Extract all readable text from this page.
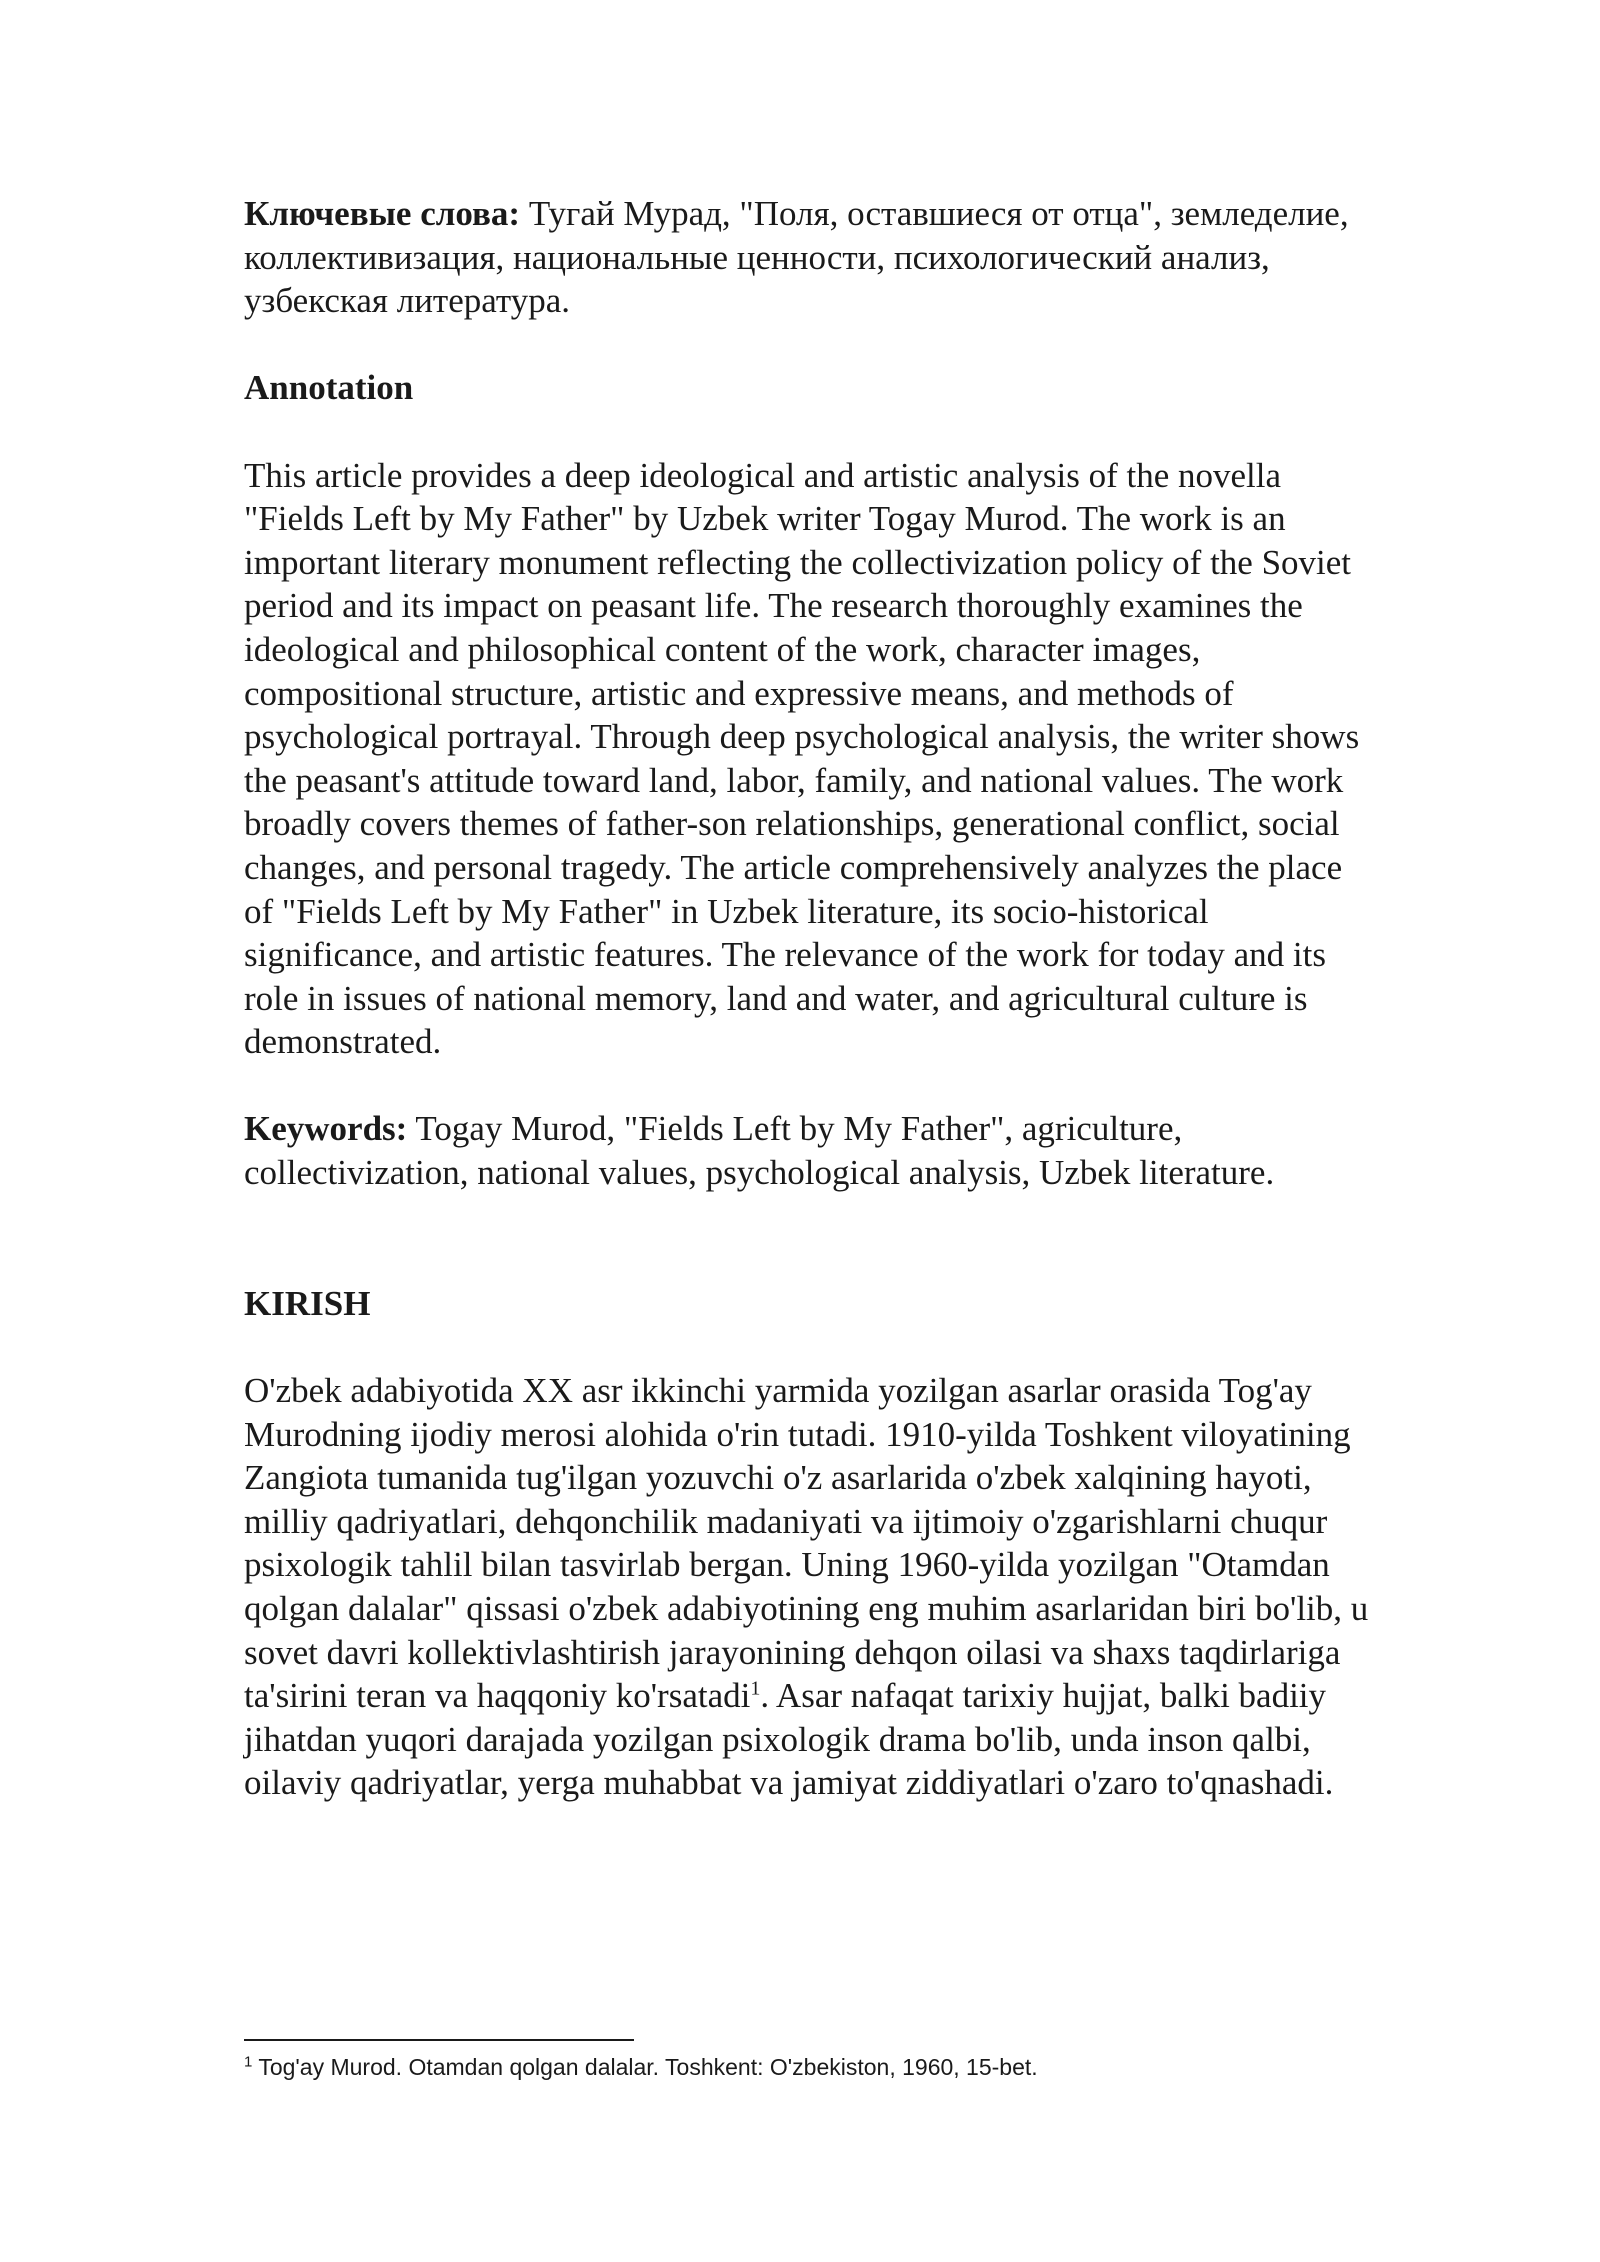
Ключевые слова: Тугай Мурад, "Поля, оставшиеся от отца", земледелие, коллективизация, национальные ценности, психологический анализ, узбекская литература.

Annotation

This article provides a deep ideological and artistic analysis of the novella "Fields Left by My Father" by Uzbek writer Togay Murod. The work is an important literary monument reflecting the collectivization policy of the Soviet period and its impact on peasant life. The research thoroughly examines the ideological and philosophical content of the work, character images, compositional structure, artistic and expressive means, and methods of psychological portrayal. Through deep psychological analysis, the writer shows the peasant's attitude toward land, labor, family, and national values. The work broadly covers themes of father-son relationships, generational conflict, social changes, and personal tragedy. The article comprehensively analyzes the place of "Fields Left by My Father" in Uzbek literature, its socio-historical significance, and artistic features. The relevance of the work for today and its role in issues of national memory, land and water, and agricultural culture is demonstrated.

Keywords: Togay Murod, "Fields Left by My Father", agriculture, collectivization, national values, psychological analysis, Uzbek literature.

KIRISH

O'zbek adabiyotida XX asr ikkinchi yarmida yozilgan asarlar orasida Tog'ay Murodning ijodiy merosi alohida o'rin tutadi. 1910-yilda Toshkent viloyatining Zangiota tumanida tug'ilgan yozuvchi o'z asarlarida o'zbek xalqining hayoti, milliy qadriyatlari, dehqonchilik madaniyati va ijtimoiy o'zgarishlarni chuqur psixologik tahlil bilan tasvirlab bergan. Uning 1960-yilda yozilgan "Otamdan qolgan dalalar" qissasi o'zbek adabiyotining eng muhim asarlaridan biri bo'lib, u sovet davri kollektivlashtirish jarayonining dehqon oilasi va shaxs taqdirlariga ta'sirini teran va haqqoniy ko'rsatadi$^1$. Asar nafaqat tarixiy hujjat, balki badiiy jihatdan yuqori darajada yozilgan psixologik drama bo'lib, unda inson qalbi, oilaviy qadriyatlar, yerga muhabbat va jamiyat ziddiyatlari o'zaro to'qnashadi.

$^1$ Tog'ay Murod. Otamdan qolgan dalalar. Toshkent: O'zbekiston, 1960, 15-bet.
